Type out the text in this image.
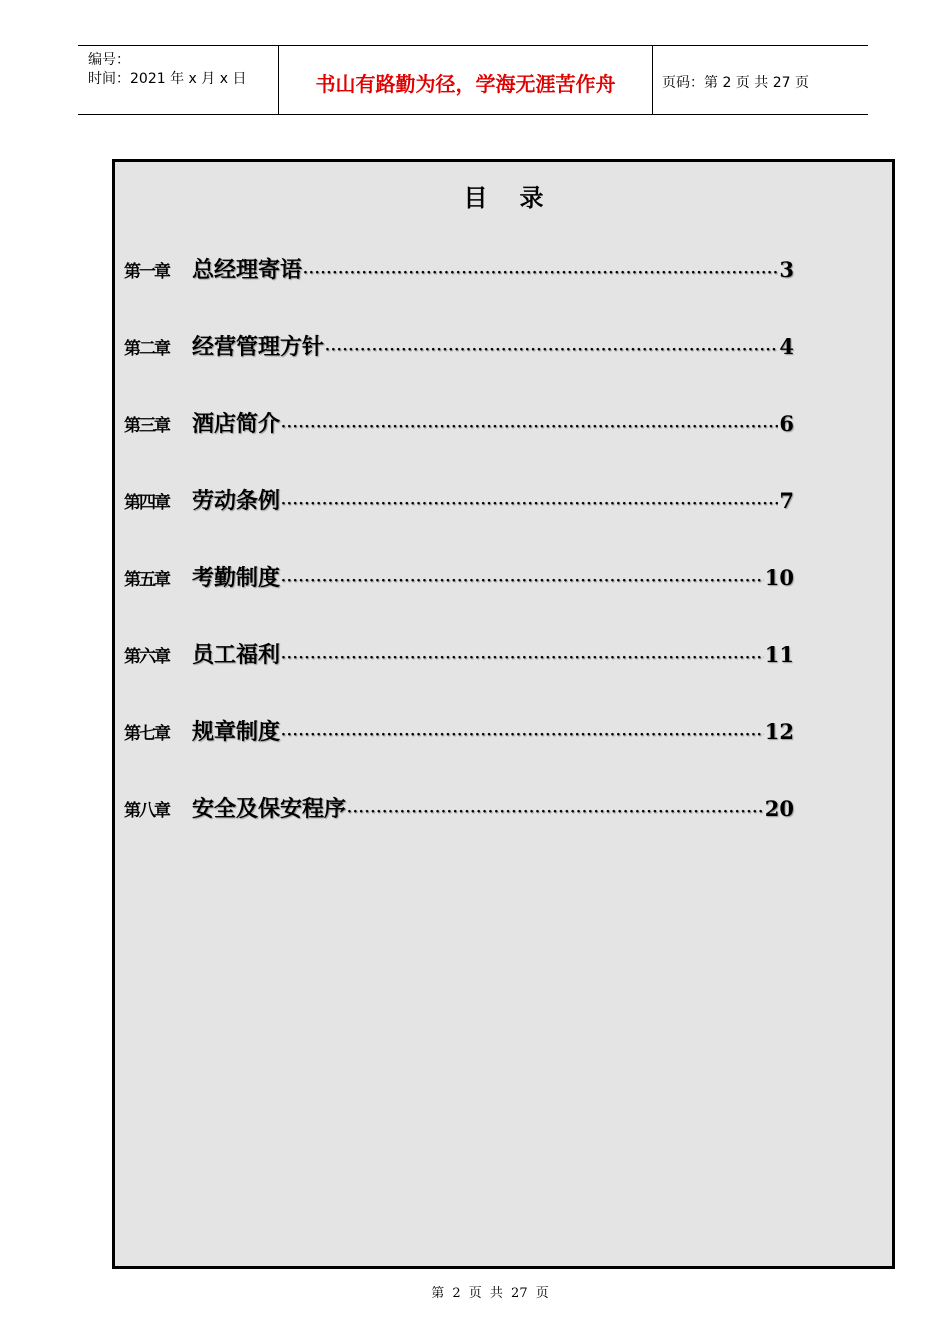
编号：
时间：2021 年 x 月 x 日	书山有路勤为径，学海无涯苦作舟	页码：第 2 页 共 27 页
目录
第一章 总经理寄语 ·····	3
第二章 经营管理方针 ·····	4
第三章 酒店简介 ·····	6
第四章 劳动条例 ·····	7
第五章 考勤制度 ·····	10
第六章 员工福利 ·····	11
第七章 规章制度 ·····	12
第八章 安全及保安程序 ·····	20
第 2 页 共 27 页
